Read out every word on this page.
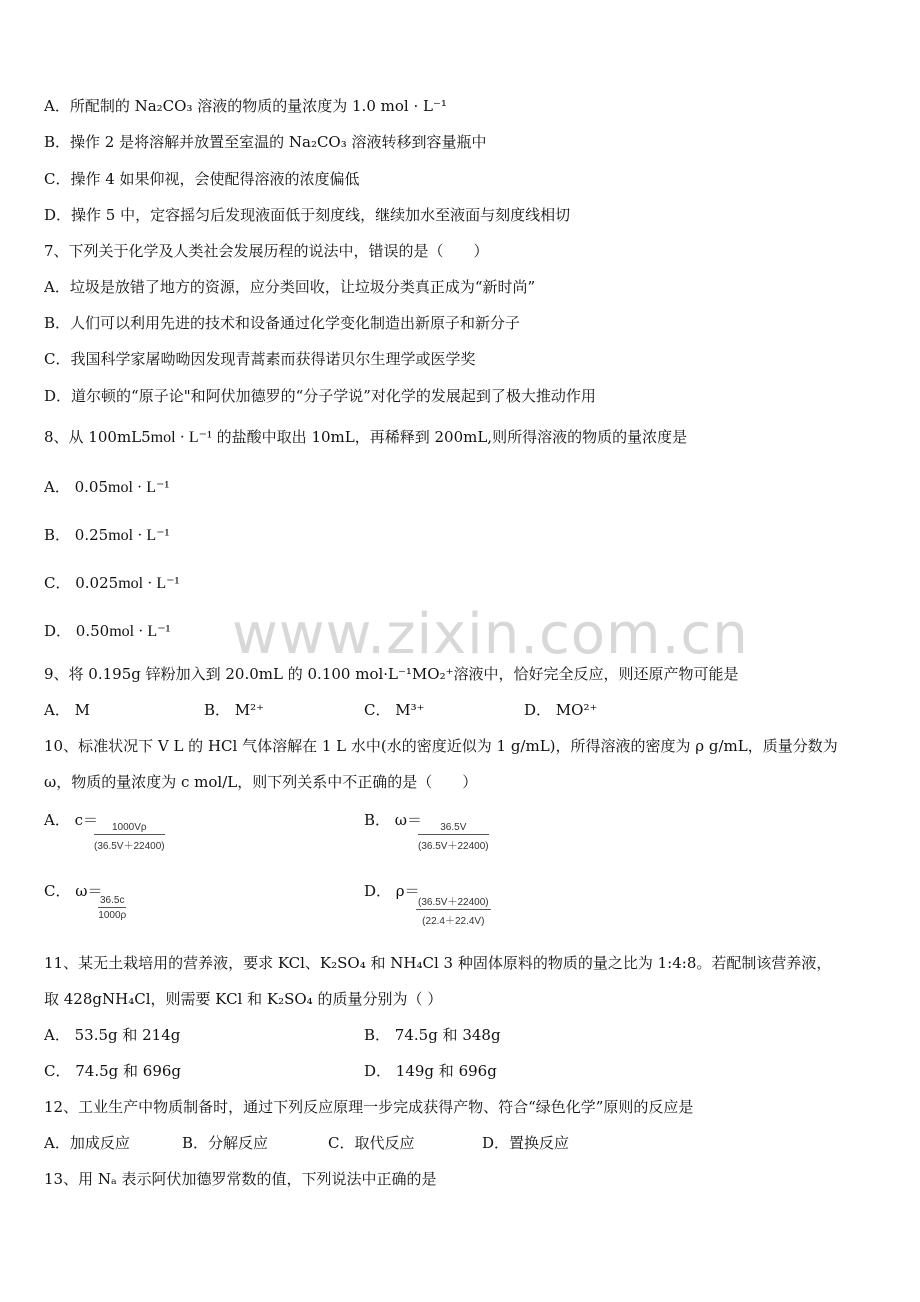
A．所配制的 Na₂CO₃ 溶液的物质的量浓度为 1.0 mol · L⁻¹
B．操作 2 是将溶解并放置至室温的 Na₂CO₃ 溶液转移到容量瓶中
C．操作 4 如果仰视，会使配得溶液的浓度偏低
D．操作 5 中，定容摇匀后发现液面低于刻度线，继续加水至液面与刻度线相切
7、下列关于化学及人类社会发展历程的说法中，错误的是（　　）
A．垃圾是放错了地方的资源，应分类回收，让垃圾分类真正成为“新时尚”
B．人们可以利用先进的技术和设备通过化学变化制造出新原子和新分子
C．我国科学家屠呦呦因发现青蒿素而获得诺贝尔生理学或医学奖
D．道尔顿的“原子论"和阿伏加德罗的“分子学说”对化学的发展起到了极大推动作用
8、从 100mL5mol · L⁻¹ 的盐酸中取出 10mL，再稀释到 200mL,则所得溶液的物质的量浓度是
A． 0.05mol · L⁻¹
B． 0.25mol · L⁻¹
C． 0.025mol · L⁻¹
D． 0.50mol · L⁻¹ www.zixin.com.cn
9、将 0.195g 锌粉加入到 20.0mL 的 0.100 mol·L⁻¹MO₂⁺溶液中，恰好完全反应，则还原产物可能是
A． M	B． M²⁺	C． M³⁺	D． MO²⁺
10、标准状况下 V L 的 HCl 气体溶解在 1 L 水中(水的密度近似为 1 g/mL)，所得溶液的密度为 ρ g/mL，质量分数为
ω，物质的量浓度为 c mol/L，则下列关系中不正确的是（　　）
A． c＝
$\frac{1000V\rho}{(36.5V+22400)}$
B． ω＝
$\frac{36.5V}{(36.5V+22400)}$
C． ω＝
$\frac{36.5c}{1000\rho}$
D． ρ＝
$\frac{(36.5V+22400)}{(22.4+22.4V)}$
11、某无土栽培用的营养液，要求 KCl、K₂SO₄ 和 NH₄Cl 3 种固体原料的物质的量之比为 1:4:8。若配制该营养液，
取 428gNH₄Cl，则需要 KCl 和 K₂SO₄ 的质量分别为（ ）
A． 53.5g 和 214g	B． 74.5g 和 348g
C． 74.5g 和 696g	D． 149g 和 696g
12、工业生产中物质制备时，通过下列反应原理一步完成获得产物、符合“绿色化学”原则的反应是
A．加成反应	B．分解反应	C．取代反应	D．置换反应
13、用 Nₐ 表示阿伏加德罗常数的值，下列说法中正确的是
